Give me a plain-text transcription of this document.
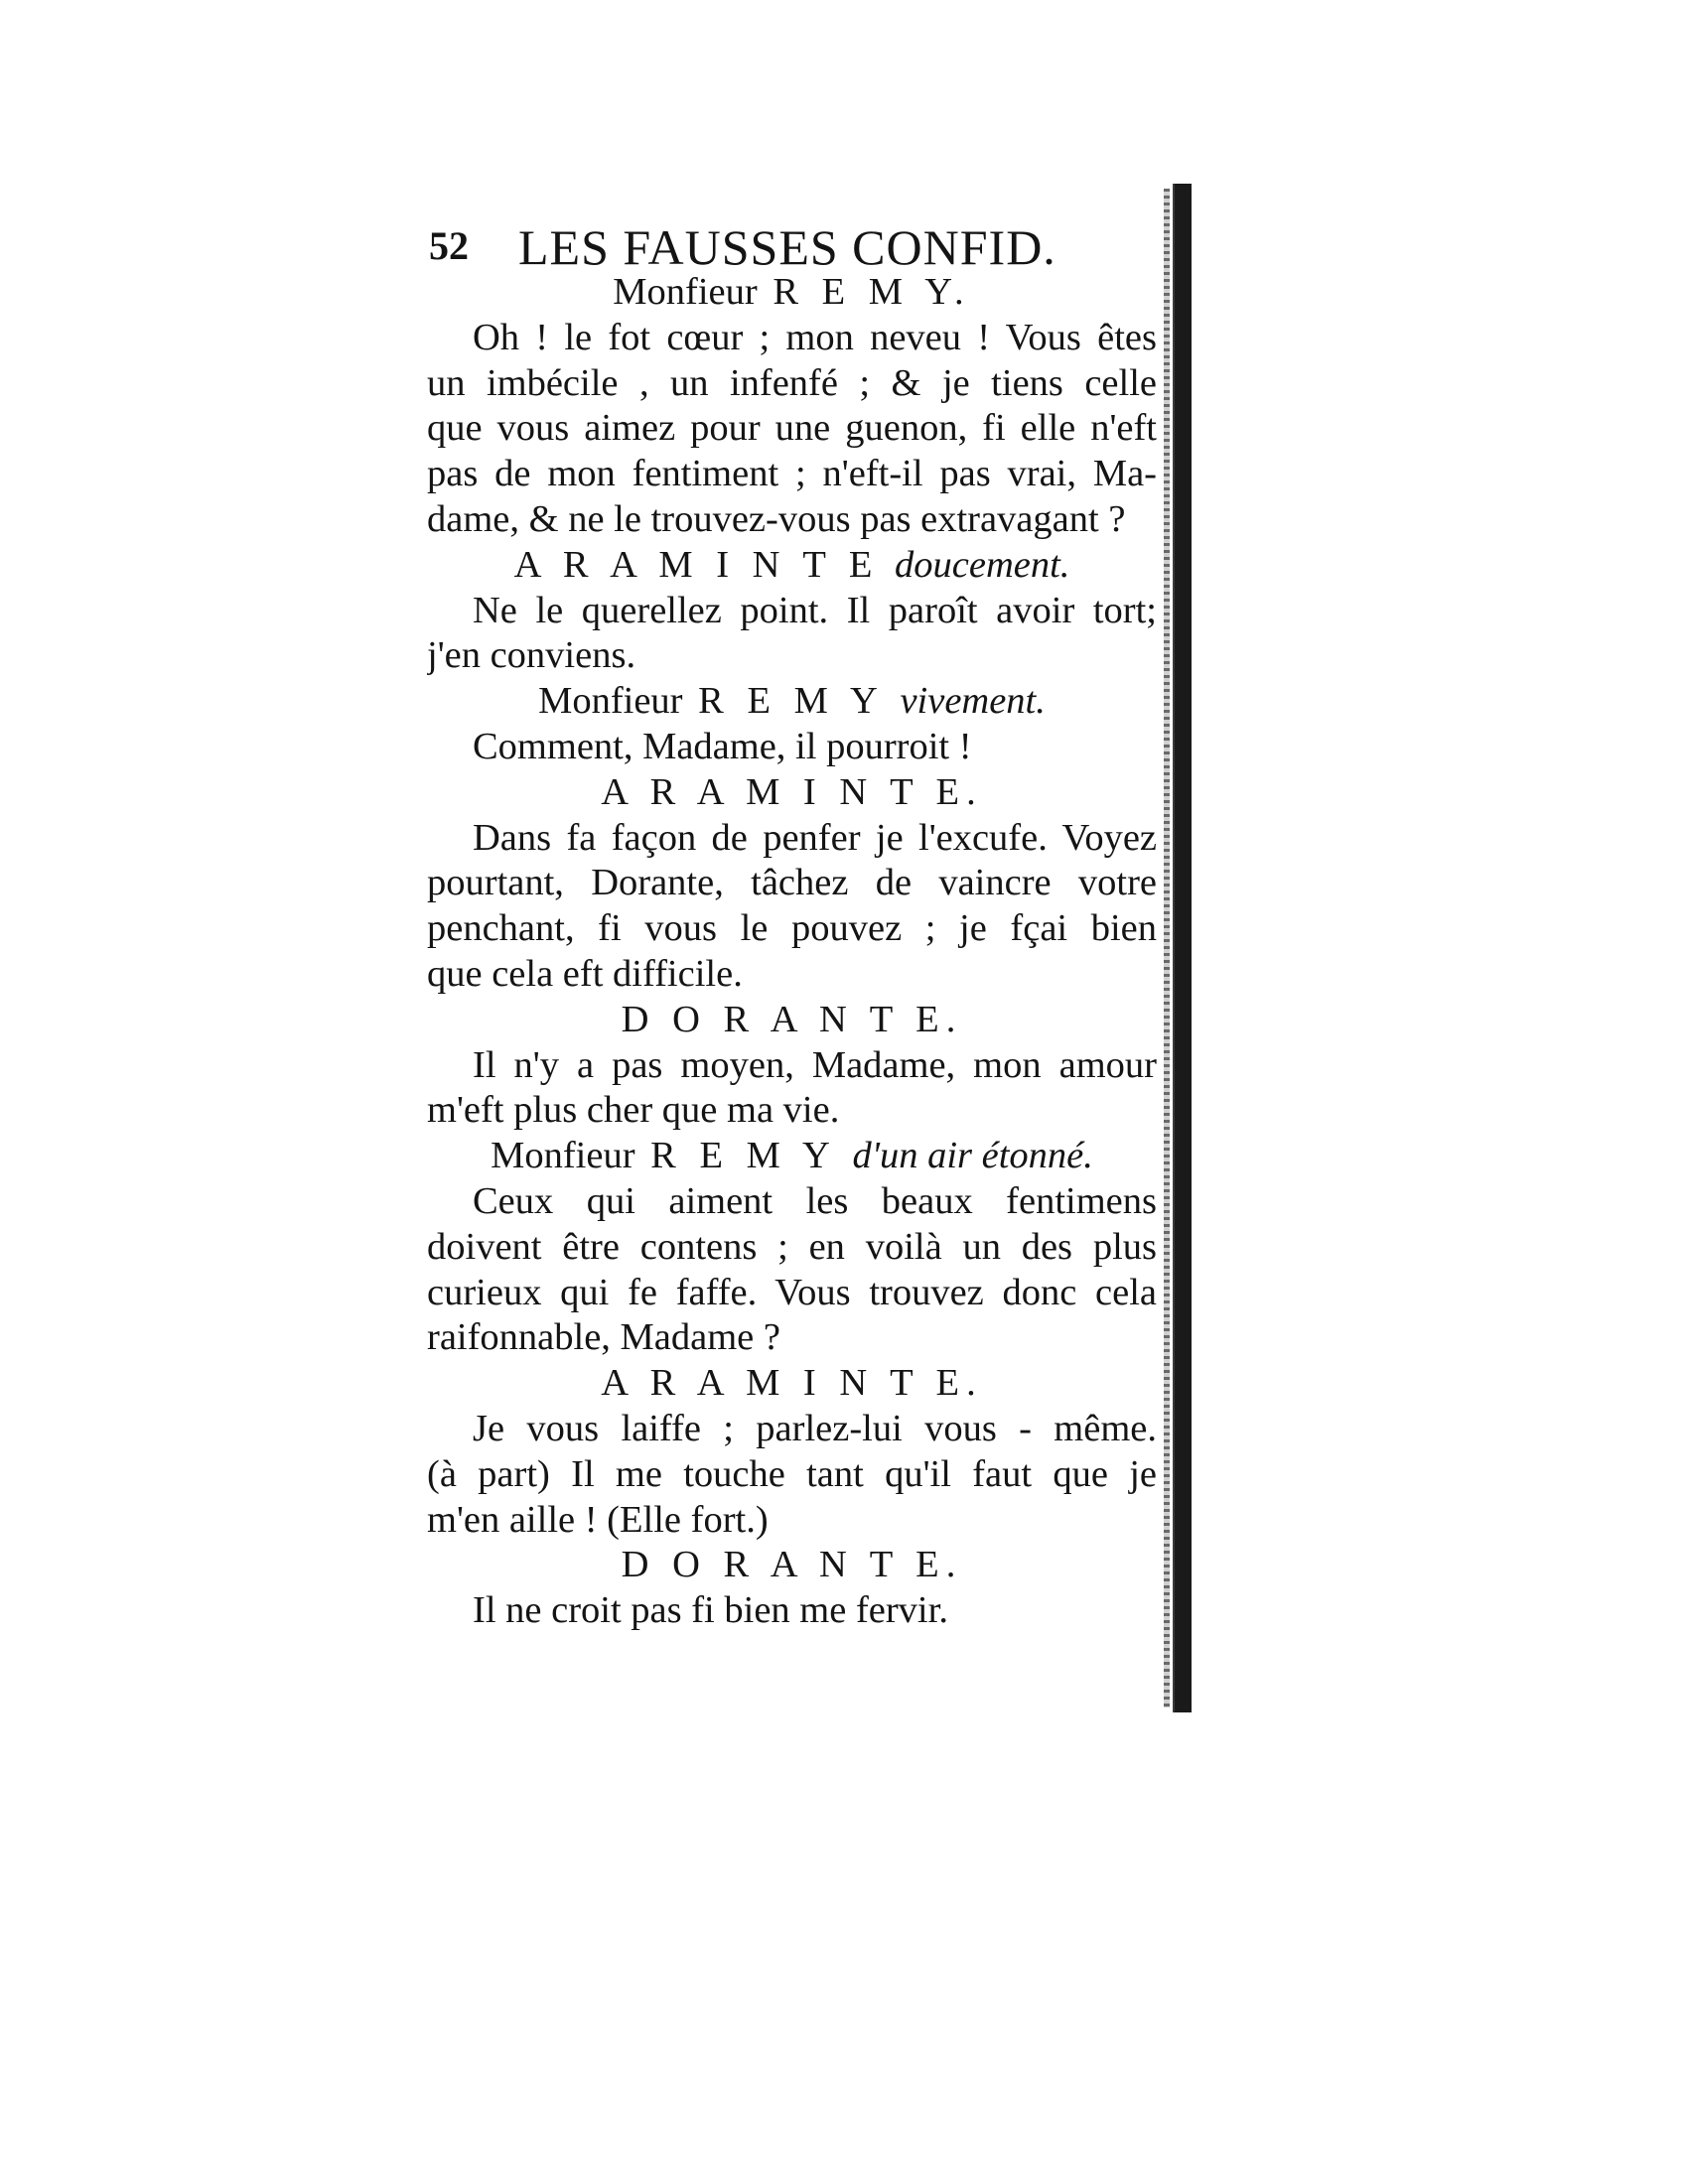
52 LES FAUSSES CONFID.
Monfieur R E M Y.
Oh ! le fot cœur ; mon neveu ! Vous êtes
un imbécile , un infenfé ; & je tiens celle
que vous aimez pour une guenon, fi elle n'eft
pas de mon fentiment ; n'eft-il pas vrai, Ma-
dame, & ne le trouvez-vous pas extravagant ?
A R A M I N T E doucement.
Ne le querellez point. Il paroît avoir tort;
j'en conviens.
Monfieur R E M Y vivement.
Comment, Madame, il pourroit !
A R A M I N T E.
Dans fa façon de penfer je l'excufe. Voyez
pourtant, Dorante, tâchez de vaincre votre
penchant, fi vous le pouvez ; je fçai bien
que cela eft difficile.
D O R A N T E.
Il n'y a pas moyen, Madame, mon amour
m'eft plus cher que ma vie.
Monfieur R E M Y d'un air étonné.
Ceux qui aiment les beaux fentimens
doivent être contens ; en voilà un des plus
curieux qui fe faffe. Vous trouvez donc cela
raifonnable, Madame ?
A R A M I N T E.
Je vous laiffe ; parlez-lui vous - même.
(à part) Il me touche tant qu'il faut que je
m'en aille ! (Elle fort.)
D O R A N T E.
Il ne croit pas fi bien me fervir.
